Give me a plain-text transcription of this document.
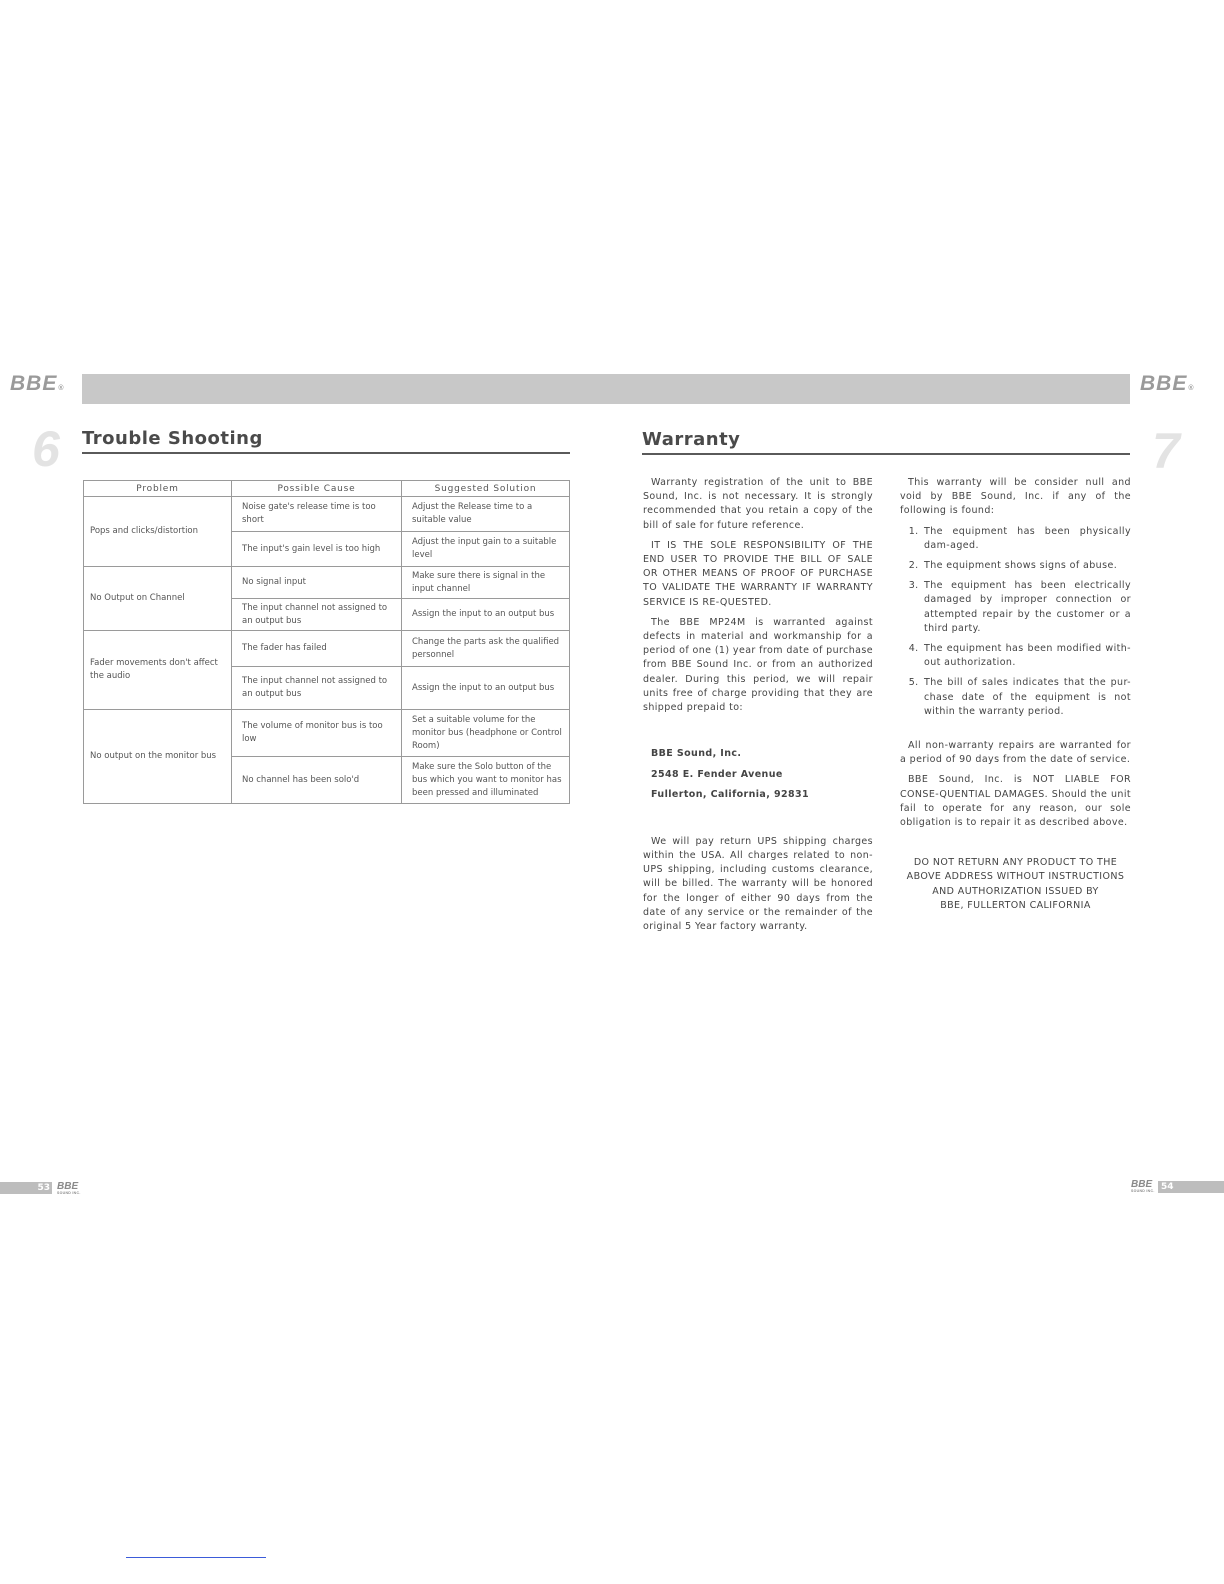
BBE®	BBE®
6 Trouble Shooting
Problem	Possible Cause	Suggested Solution
Pops and clicks/distortion	Noise gate's release time is too short	Adjust the Release time to a suitable value
	The input's gain level is too high	Adjust the input gain to a suitable level
No Output on Channel	No signal input	Make sure there is signal in the input channel
	The input channel not assigned to an output bus	Assign the input to an output bus
Fader movements don't affect the audio	The fader has failed	Change the parts ask the qualified personnel
	The input channel not assigned to an output bus	Assign the input to an output bus
No output on the monitor bus	The volume of monitor bus is too low	Set a suitable volume for the monitor bus (headphone or Control Room)
	No channel has been solo'd	Make sure the Solo button of the bus which you want to monitor has been pressed and illuminated
Warranty	7

Warranty registration of the unit to BBE Sound, Inc. is not necessary. It is strongly recommended that you retain a copy of the bill of sale for future reference.

IT IS THE SOLE RESPONSIBILITY OF THE END USER TO PROVIDE THE BILL OF SALE OR OTHER MEANS OF PROOF OF PURCHASE TO VALIDATE THE WARRANTY IF WARRANTY SERVICE IS RE-QUESTED.

The BBE MP24M is warranted against defects in material and workmanship for a period of one (1) year from date of purchase from BBE Sound Inc. or from an authorized dealer. During this period, we will repair units free of charge providing that they are shipped prepaid to:

BBE Sound, Inc.

2548 E. Fender Avenue

Fullerton, California, 92831

We will pay return UPS shipping charges within the USA. All charges related to non-UPS shipping, including customs clearance, will be billed. The warranty will be honored for the longer of either 90 days from the date of any service or the remainder of the original 5 Year factory warranty.

This warranty will be consider null and void by BBE Sound, Inc. if any of the following is found:

1. The equipment has been physically dam-aged.
2. The equipment shows signs of abuse.
3. The equipment has been electrically damaged by improper connection or attempted repair by the customer or a third party.
4. The equipment has been modified with-out authorization.
5. The bill of sales indicates that the pur-chase date of the equipment is not within the warranty period.

All non-warranty repairs are warranted for a period of 90 days from the date of service.

BBE Sound, Inc. is NOT LIABLE FOR CONSE-QUENTIAL DAMAGES. Should the unit fail to operate for any reason, our sole obligation is to repair it as described above.

DO NOT RETURN ANY PRODUCT TO THE
ABOVE ADDRESS WITHOUT INSTRUCTIONS
AND AUTHORIZATION ISSUED BY
BBE, FULLERTON CALIFORNIA
53 BBE
SOUND INC.
BBE
SOUND INC. 54
